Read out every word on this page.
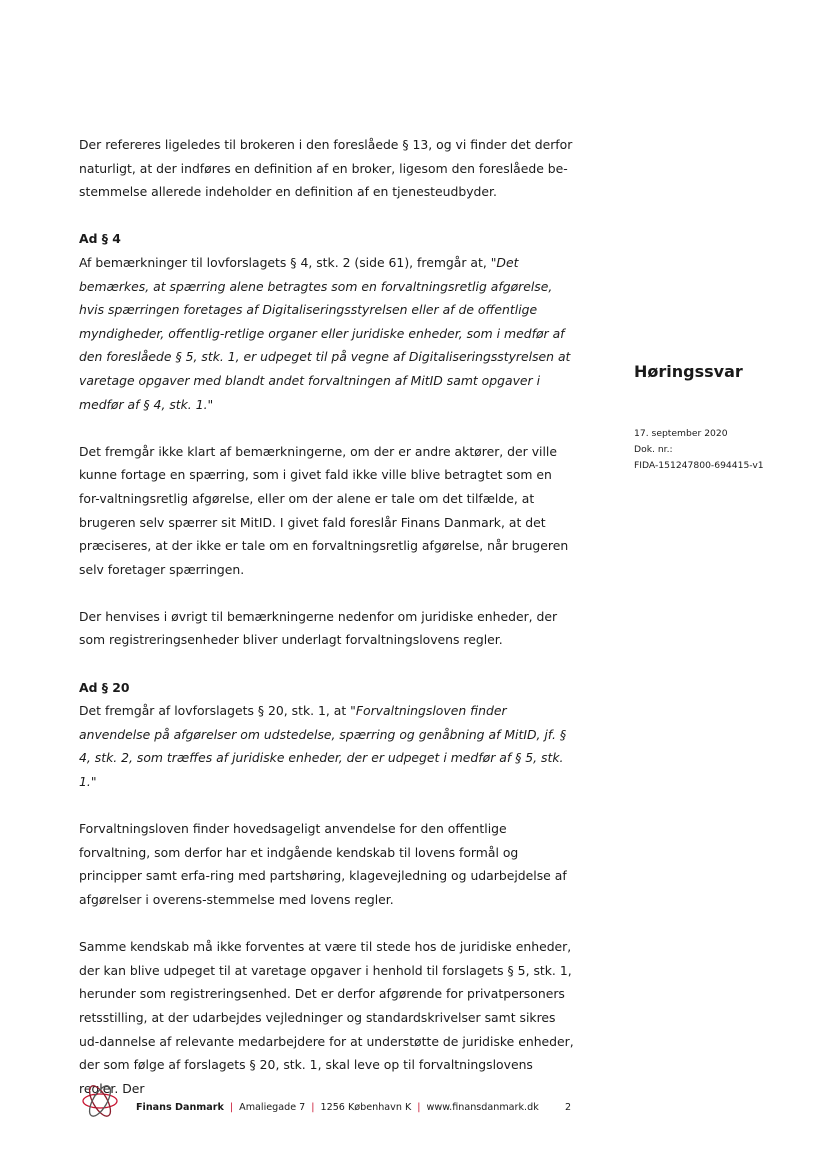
Der refereres ligeledes til brokeren i den foreslåede § 13, og vi finder det derfor naturligt, at der indføres en definition af en broker, ligesom den foreslåede be-stemmelse allerede indeholder en definition af en tjenesteudbyder.

Ad § 4

Af bemærkninger til lovforslagets § 4, stk. 2 (side 61), fremgår at, "Det bemærkes, at spærring alene betragtes som en forvaltningsretlig afgørelse, hvis spærringen foretages af Digitaliseringsstyrelsen eller af de offentlige myndigheder, offentlig-retlige organer eller juridiske enheder, som i medfør af den foreslåede § 5, stk. 1, er udpeget til på vegne af Digitaliseringsstyrelsen at varetage opgaver med blandt andet forvaltningen af MitID samt opgaver i medfør af § 4, stk. 1."

Det fremgår ikke klart af bemærkningerne, om der er andre aktører, der ville kunne fortage en spærring, som i givet fald ikke ville blive betragtet som en for-valtningsretlig afgørelse, eller om der alene er tale om det tilfælde, at brugeren selv spærrer sit MitID. I givet fald foreslår Finans Danmark, at det præciseres, at der ikke er tale om en forvaltningsretlig afgørelse, når brugeren selv foretager spærringen.

Der henvises i øvrigt til bemærkningerne nedenfor om juridiske enheder, der som registreringsenheder bliver underlagt forvaltningslovens regler.

Ad § 20

Det fremgår af lovforslagets § 20, stk. 1, at "Forvaltningsloven finder anvendelse på afgørelser om udstedelse, spærring og genåbning af MitID, jf. § 4, stk. 2, som træffes af juridiske enheder, der er udpeget i medfør af § 5, stk. 1."

Forvaltningsloven finder hovedsageligt anvendelse for den offentlige forvaltning, som derfor har et indgående kendskab til lovens formål og principper samt erfa-ring med partshøring, klagevejledning og udarbejdelse af afgørelser i overens-stemmelse med lovens regler.

Samme kendskab må ikke forventes at være til stede hos de juridiske enheder, der kan blive udpeget til at varetage opgaver i henhold til forslagets § 5, stk. 1, herunder som registreringsenhed. Det er derfor afgørende for privatpersoners retsstilling, at der udarbejdes vejledninger og standardskrivelser samt sikres ud-dannelse af relevante medarbejdere for at understøtte de juridiske enheder, der som følge af forslagets § 20, stk. 1, skal leve op til forvaltningslovens regler. Der

Høringssvar

17. september 2020
Dok. nr.:
FIDA-151247800-694415-v1
Finans Danmark | Amaliegade 7 | 1256 København K | www.finansdanmark.dk	2
